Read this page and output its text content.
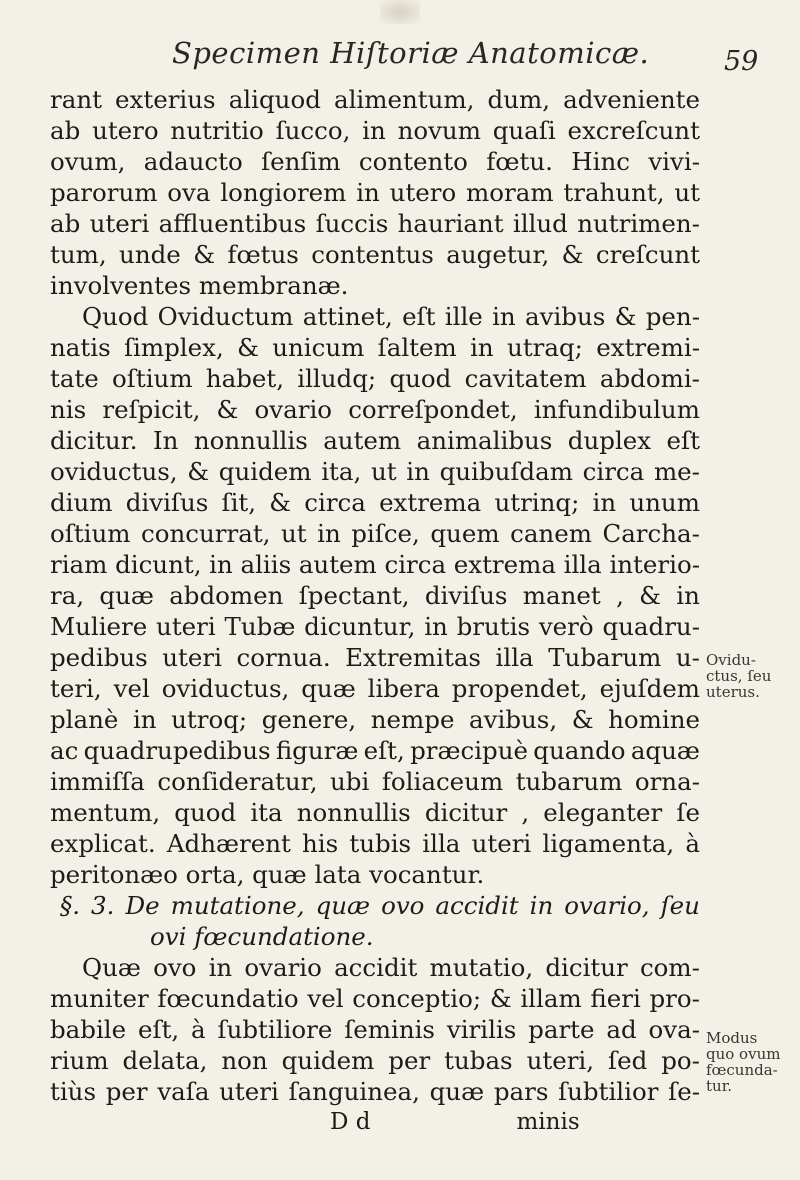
Specimen Hiſtoriæ Anatomicæ.	59
rant exterius aliquod alimentum, dum, adveniente
ab utero nutritio ſucco, in novum quaſi excreſcunt
ovum, adaucto ſenſim contento fœtu. Hinc vivi-
parorum ova longiorem in utero moram trahunt, ut
ab uteri affluentibus ſuccis hauriant illud nutrimen-
tum, unde & fœtus contentus augetur, & creſcunt
involventes membranæ.
Quod Oviductum attinet, eſt ille in avibus & pen-
natis ſimplex, & unicum ſaltem in utraq; extremi-
tate oſtium habet, illudq; quod cavitatem abdomi-
nis reſpicit, & ovario correſpondet, infundibulum
dicitur. In nonnullis autem animalibus duplex eſt
oviductus, & quidem ita, ut in quibuſdam circa me-
dium diviſus ſit, & circa extrema utrinq; in unum
oſtium concurrat, ut in piſce, quem canem Carcha-
riam dicunt, in aliis autem circa extrema illa interio-
ra, quæ abdomen ſpectant, diviſus manet , & in
Muliere uteri Tubæ dicuntur, in brutis verò quadru-
pedibus uteri cornua. Extremitas illa Tubarum u-
teri, vel oviductus, quæ libera propendet, ejuſdem
planè in utroq; genere, nempe avibus, & homine
ac quadrupedibus figuræ eſt, præcipuè quando aquæ
immiſſa conſideratur, ubi foliaceum tubarum orna-
mentum, quod ita nonnullis dicitur , eleganter ſe
explicat. Adhærent his tubis illa uteri ligamenta, à
peritonæo orta, quæ lata vocantur.
§. 3. De mutatione, quæ ovo accidit in ovario, ſeu
ovi fœcundatione.
Quæ ovo in ovario accidit mutatio, dicitur com-
muniter fœcundatio vel conceptio; & illam fieri pro-
babile eſt, à ſubtiliore ſeminis virilis parte ad ova-
rium delata, non quidem per tubas uteri, ſed po-
tiùs per vaſa uteri ſanguinea, quæ pars ſubtilior ſe-
D d	minis
Ovidu-
ctus, ſeu
uterus.
Modus
quo ovum
fœcunda-
tur.
